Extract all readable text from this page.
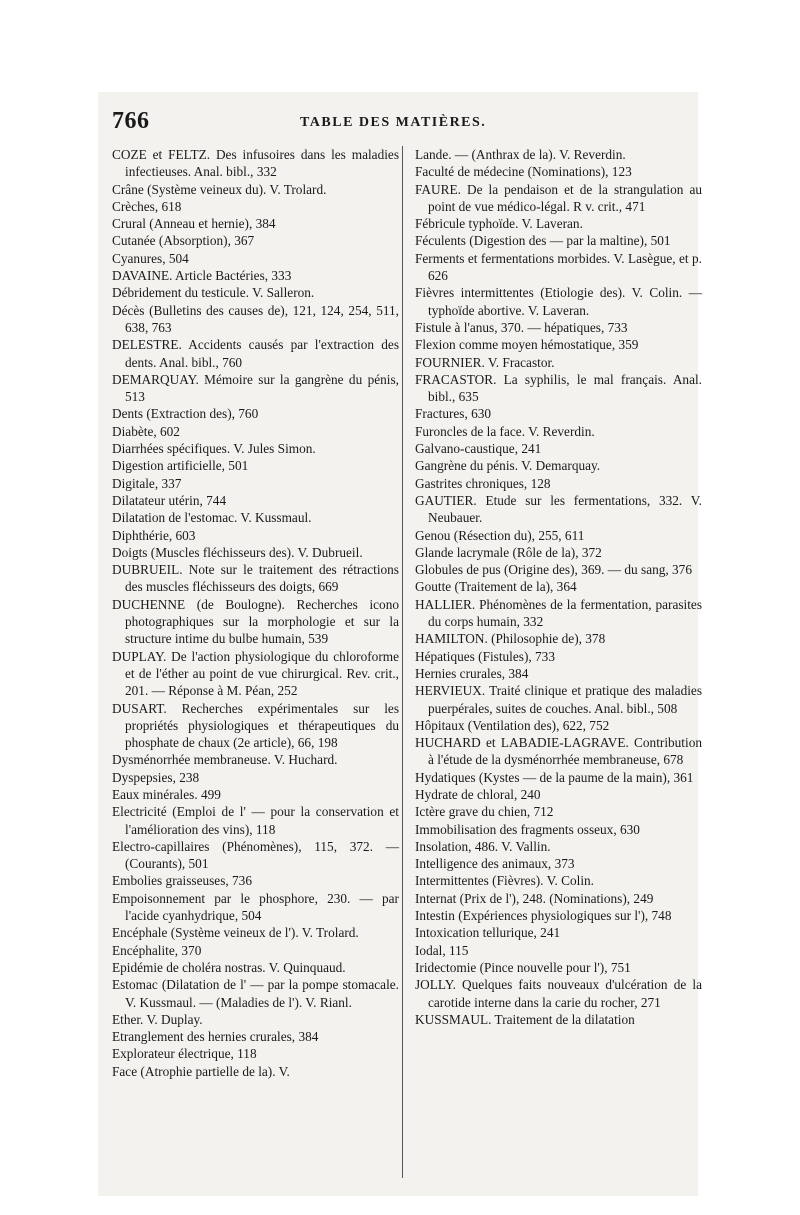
766	TABLE DES MATIÈRES.
COZE et FELTZ. Des infusoires dans les maladies infectieuses. Anal. bibl., 332
Crâne (Système veineux du). V. Trolard.
Crèches, 618
Crural (Anneau et hernie), 384
Cutanée (Absorption), 367
Cyanures, 504
DAVAINE. Article Bactéries, 333
Débridement du testicule. V. Salleron.
Décès (Bulletins des causes de), 121, 124, 254, 511, 638, 763
DELESTRE. Accidents causés par l'extraction des dents. Anal. bibl., 760
DEMARQUAY. Mémoire sur la gangrène du pénis, 513
Dents (Extraction des), 760
Diabète, 602
Diarrhées spécifiques. V. Jules Simon.
Digestion artificielle, 501
Digitale, 337
Dilatateur utérin, 744
Dilatation de l'estomac. V. Kussmaul.
Diphthérie, 603
Doigts (Muscles fléchisseurs des). V. Dubrueil.
DUBRUEIL. Note sur le traitement des rétractions des muscles fléchisseurs des doigts, 669
DUCHENNE (de Boulogne). Recherches icono photographiques sur la morphologie et sur la structure intime du bulbe humain, 539
DUPLAY. De l'action physiologique du chloroforme et de l'éther au point de vue chirurgical. Rev. crit., 201. — Réponse à M. Péan, 252
DUSART. Recherches expérimentales sur les propriétés physiologiques et thérapeutiques du phosphate de chaux (2e article), 66, 198
Dysménorrhée membraneuse. V. Huchard.
Dyspepsies, 238
Eaux minérales. 499
Electricité (Emploi de l' — pour la conservation et l'amélioration des vins), 118
Electro-capillaires (Phénomènes), 115, 372. — (Courants), 501
Embolies graisseuses, 736
Empoisonnement par le phosphore, 230. — par l'acide cyanhydrique, 504
Encéphale (Système veineux de l'). V. Trolard.
Encéphalite, 370
Epidémie de choléra nostras. V. Quinquaud.
Estomac (Dilatation de l' — par la pompe stomacale. V. Kussmaul. — (Maladies de l'). V. Rianl.
Ether. V. Duplay.
Etranglement des hernies crurales, 384
Explorateur électrique, 118
Face (Atrophie partielle de la). V.
Lande. — (Anthrax de la). V. Reverdin.
Faculté de médecine (Nominations), 123
FAURE. De la pendaison et de la strangulation au point de vue médico-légal. R v. crit., 471
Fébricule typhoïde. V. Laveran.
Féculents (Digestion des — par la maltine), 501
Ferments et fermentations morbides. V. Lasègue, et p. 626
Fièvres intermittentes (Etiologie des). V. Colin. — typhoïde abortive. V. Laveran.
Fistule à l'anus, 370. — hépatiques, 733
Flexion comme moyen hémostatique, 359
FOURNIER. V. Fracastor.
FRACASTOR. La syphilis, le mal français. Anal. bibl., 635
Fractures, 630
Furoncles de la face. V. Reverdin.
Galvano-caustique, 241
Gangrène du pénis. V. Demarquay.
Gastrites chroniques, 128
GAUTIER. Etude sur les fermentations, 332. V. Neubauer.
Genou (Résection du), 255, 611
Glande lacrymale (Rôle de la), 372
Globules de pus (Origine des), 369. — du sang, 376
Goutte (Traitement de la), 364
HALLIER. Phénomènes de la fermentation, parasites du corps humain, 332
HAMILTON. (Philosophie de), 378
Hépatiques (Fistules), 733
Hernies crurales, 384
HERVIEUX. Traité clinique et pratique des maladies puerpérales, suites de couches. Anal. bibl., 508
Hôpitaux (Ventilation des), 622, 752
HUCHARD et LABADIE-LAGRAVE. Contribution à l'étude de la dysménorrhée membraneuse, 678
Hydatiques (Kystes — de la paume de la main), 361
Hydrate de chloral, 240
Ictère grave du chien, 712
Immobilisation des fragments osseux, 630
Insolation, 486. V. Vallin.
Intelligence des animaux, 373
Intermittentes (Fièvres). V. Colin.
Internat (Prix de l'), 248. (Nominations), 249
Intestin (Expériences physiologiques sur l'), 748
Intoxication tellurique, 241
Iodal, 115
Iridectomie (Pince nouvelle pour l'), 751
JOLLY. Quelques faits nouveaux d'ulcération de la carotide interne dans la carie du rocher, 271
KUSSMAUL. Traitement de la dilatation
